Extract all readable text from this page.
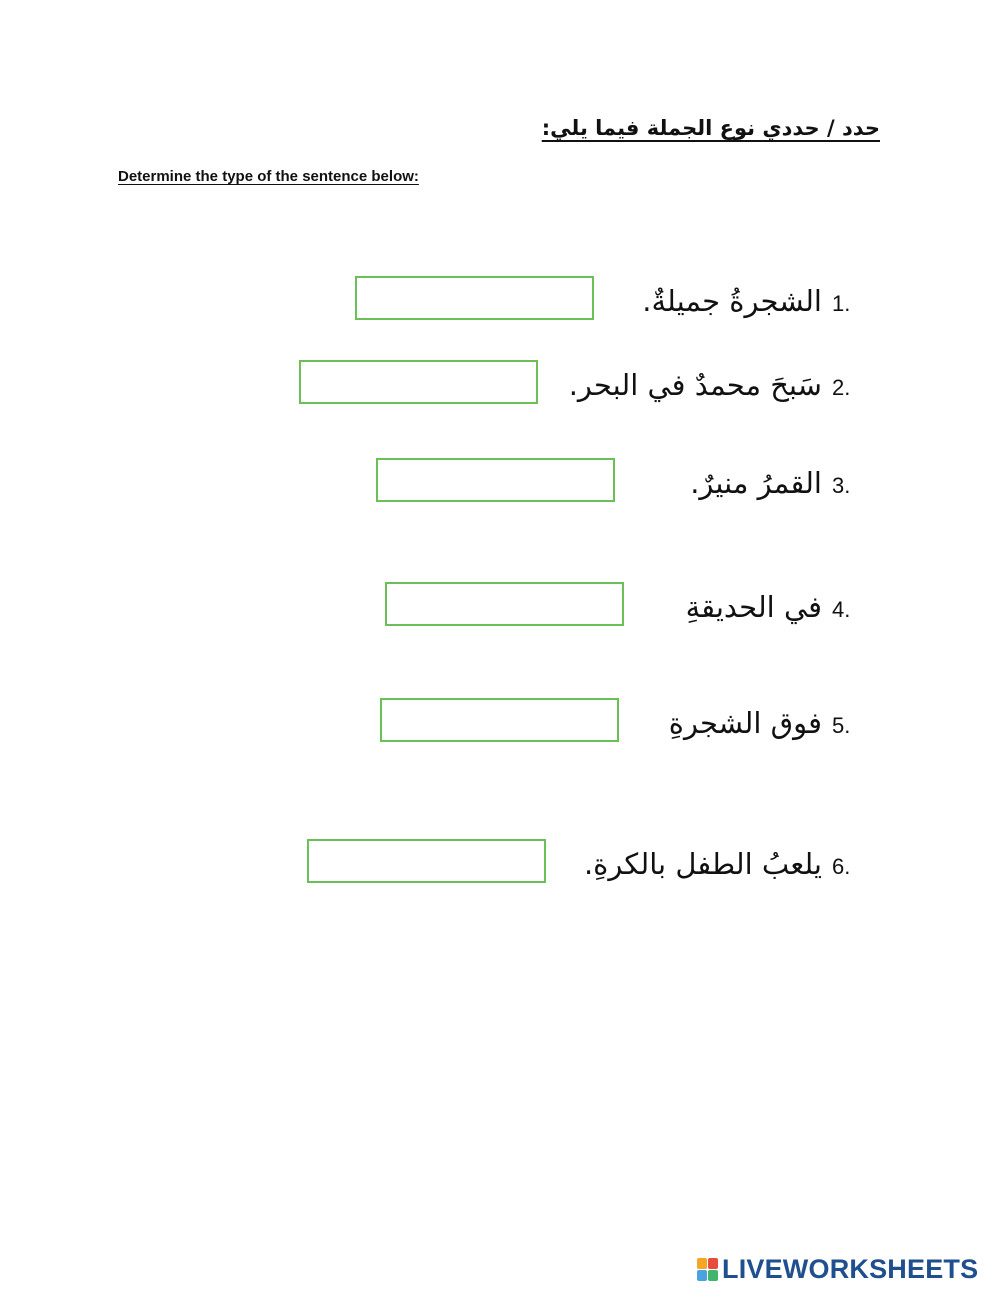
حدد / حددي نوع الجملة فيما يلي:
Determine the type of the sentence below:
الشجرةُ جميلةٌ. 1.
سَبحَ محمدٌ في البحر. 2.
القمرُ منيرٌ. 3.
في الحديقةِ 4.
فوق الشجرةِ 5.
يلعبُ الطفل بالكرةِ. 6.
LIVEWORKSHEETS
